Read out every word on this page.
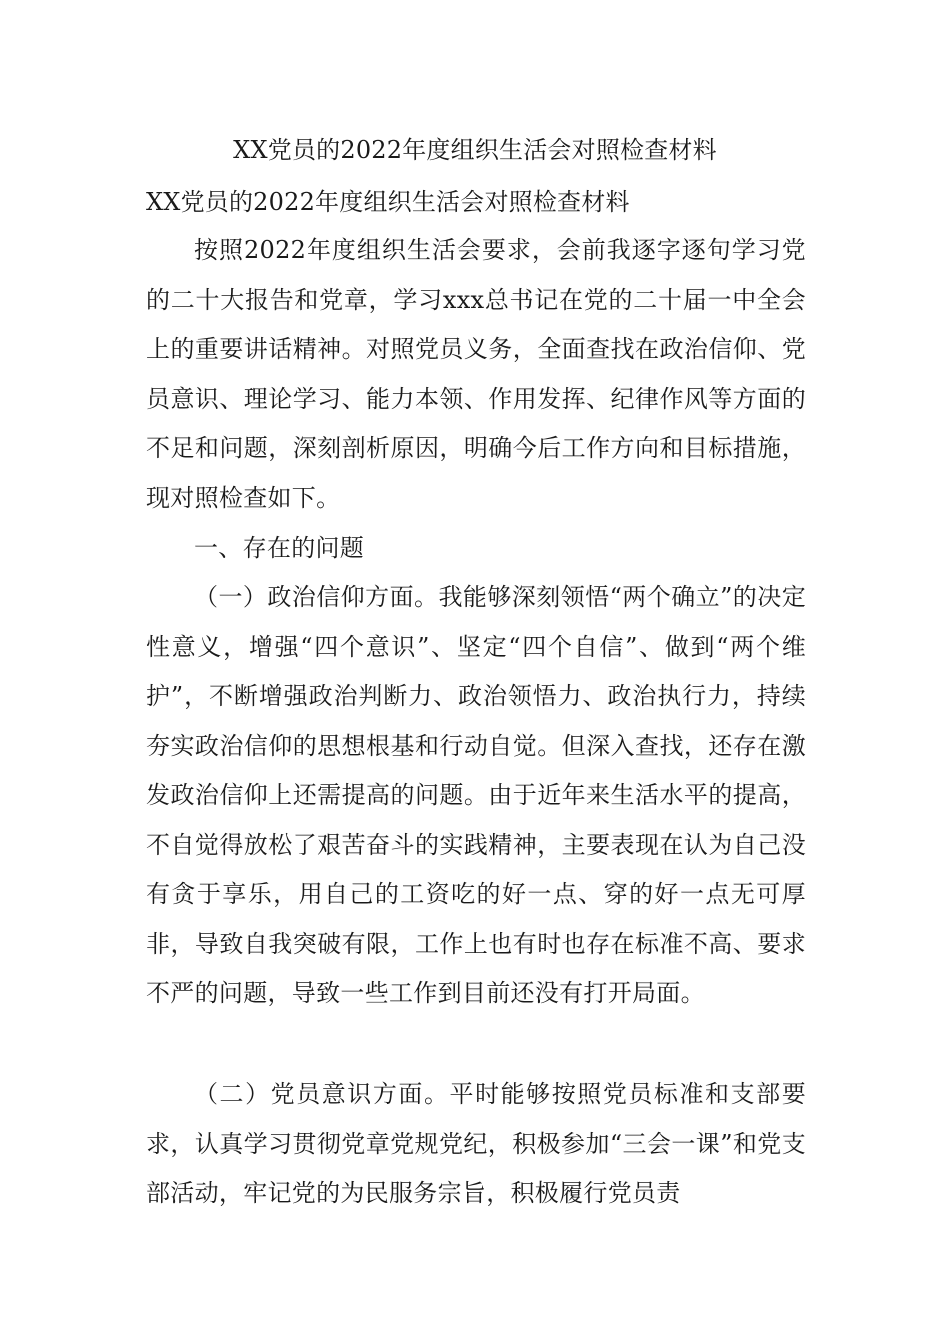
XX党员的2022年度组织生活会对照检查材料
XX党员的2022年度组织生活会对照检查材料

按照2022年度组织生活会要求，会前我逐字逐句学习党的二十大报告和党章，学习xxx总书记在党的二十届一中全会上的重要讲话精神。对照党员义务，全面查找在政治信仰、党员意识、理论学习、能力本领、作用发挥、纪律作风等方面的不足和问题，深刻剖析原因，明确今后工作方向和目标措施，现对照检查如下。

一、存在的问题

（一）政治信仰方面。我能够深刻领悟“两个确立”的决定性意义，增强“四个意识”、坚定“四个自信”、做到“两个维护”，不断增强政治判断力、政治领悟力、政治执行力，持续夯实政治信仰的思想根基和行动自觉。但深入查找，还存在激发政治信仰上还需提高的问题。由于近年来生活水平的提高，不自觉得放松了艰苦奋斗的实践精神，主要表现在认为自己没有贪于享乐，用自己的工资吃的好一点、穿的好一点无可厚非，导致自我突破有限，工作上也有时也存在标准不高、要求不严的问题，导致一些工作到目前还没有打开局面。

（二）党员意识方面。平时能够按照党员标准和支部要求，认真学习贯彻党章党规党纪，积极参加“三会一课”和党支部活动，牢记党的为民服务宗旨，积极履行党员责
